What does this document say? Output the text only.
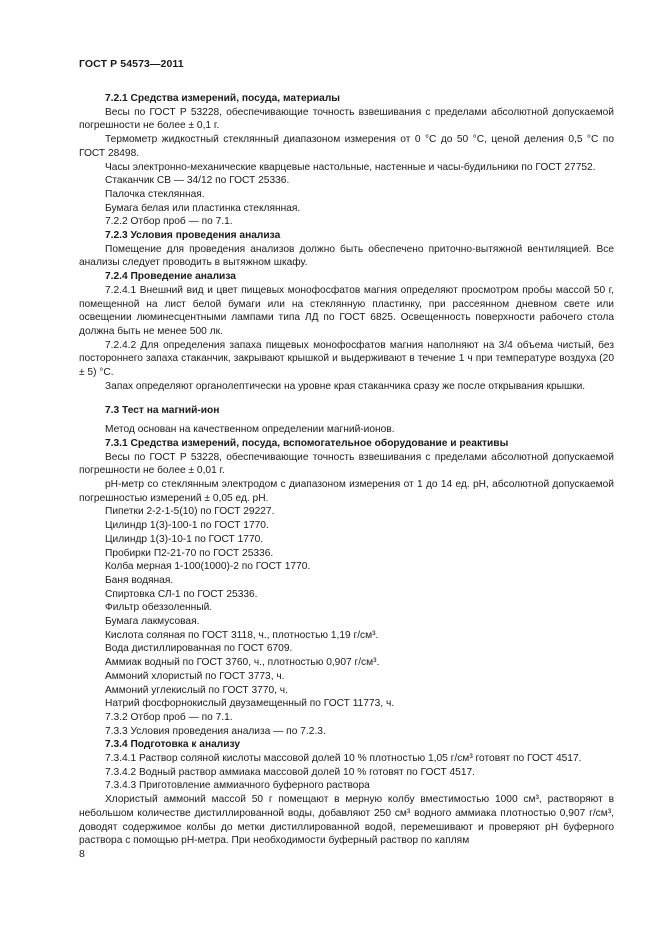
ГОСТ Р 54573—2011

7.2.1 Средства измерений, посуда, материалы

Весы по ГОСТ Р 53228, обеспечивающие точность взвешивания с пределами абсолютной допускаемой погрешности не более ± 0,1 г.

Термометр жидкостный стеклянный диапазоном измерения от 0 °С до 50 °С, ценой деления 0,5 °С по ГОСТ 28498.

Часы электронно-механические кварцевые настольные, настенные и часы-будильники по ГОСТ 27752.

Стаканчик СВ — 34/12 по ГОСТ 25336.

Палочка стеклянная.

Бумага белая или пластинка стеклянная.

7.2.2 Отбор проб — по 7.1.

7.2.3 Условия проведения анализа

Помещение для проведения анализов должно быть обеспечено приточно-вытяжной вентиляцией. Все анализы следует проводить в вытяжном шкафу.

7.2.4 Проведение анализа

7.2.4.1 Внешний вид и цвет пищевых монофосфатов магния определяют просмотром пробы массой 50 г, помещенной на лист белой бумаги или на стеклянную пластинку, при рассеянном дневном свете или освещении люминесцентными лампами типа ЛД по ГОСТ 6825. Освещенность поверхности рабочего стола должна быть не менее 500 лк.

7.2.4.2 Для определения запаха пищевых монофосфатов магния наполняют на 3/4 объема чистый, без постороннего запаха стаканчик, закрывают крышкой и выдерживают в течение 1 ч при температуре воздуха (20 ± 5) °С.

Запах определяют органолептически на уровне края стаканчика сразу же после открывания крышки.

7.3 Тест на магний-ион

Метод основан на качественном определении магний-ионов.

7.3.1 Средства измерений, посуда, вспомогательное оборудование и реактивы

Весы по ГОСТ Р 53228, обеспечивающие точность взвешивания с пределами абсолютной допускаемой погрешности не более ± 0,01 г.

рН-метр со стеклянным электродом с диапазоном измерения от 1 до 14 ед. рН, абсолютной допускаемой погрешностью измерений ± 0,05 ед. рН.

Пипетки 2-2-1-5(10) по ГОСТ 29227.

Цилиндр 1(3)-100-1 по ГОСТ 1770.

Цилиндр 1(3)-10-1 по ГОСТ 1770.

Пробирки П2-21-70 по ГОСТ 25336.

Колба мерная 1-100(1000)-2 по ГОСТ 1770.

Баня водяная.

Спиртовка СЛ-1 по ГОСТ 25336.

Фильтр обеззоленный.

Бумага лакмусовая.

Кислота соляная по ГОСТ 3118, ч., плотностью 1,19 г/см³.

Вода дистиллированная по ГОСТ 6709.

Аммиак водный по ГОСТ 3760, ч., плотностью 0,907 г/см³.

Аммоний хлористый по ГОСТ 3773, ч.

Аммоний углекислый по ГОСТ 3770, ч.

Натрий фосфорнокислый двузамещенный по ГОСТ 11773, ч.

7.3.2 Отбор проб — по 7.1.

7.3.3 Условия проведения анализа — по 7.2.3.

7.3.4 Подготовка к анализу

7.3.4.1 Раствор соляной кислоты массовой долей 10 % плотностью 1,05 г/см³ готовят по ГОСТ 4517.

7.3.4.2 Водный раствор аммиака массовой долей 10 % готовят по ГОСТ 4517.

7.3.4.3 Приготовление аммиачного буферного раствора

Хлористый аммоний массой 50 г помещают в мерную колбу вместимостью 1000 см³, растворяют в небольшом количестве дистиллированной воды, добавляют 250 см³ водного аммиака плотностью 0,907 г/см³, доводят содержимое колбы до метки дистиллированной водой, перемешивают и проверяют рН буферного раствора с помощью рН-метра. При необходимости буферный раствор по каплям

8
